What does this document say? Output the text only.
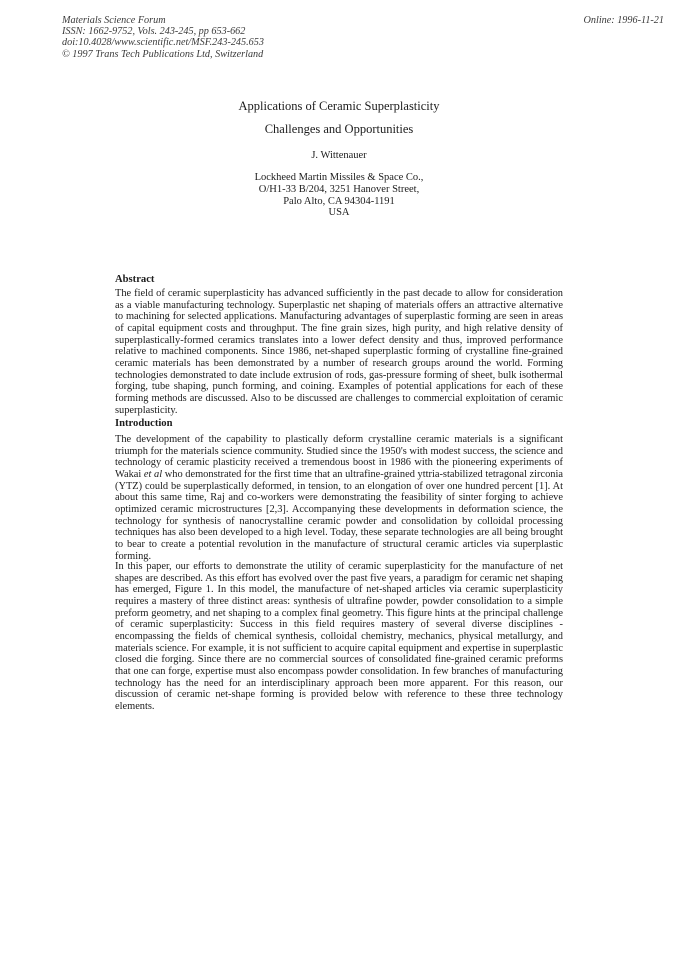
Materials Science Forum
ISSN: 1662-9752, Vols. 243-245, pp 653-662
doi:10.4028/www.scientific.net/MSF.243-245.653
© 1997 Trans Tech Publications Ltd, Switzerland
Online: 1996-11-21
Applications of Ceramic Superplasticity
Challenges and Opportunities
J. Wittenauer
Lockheed Martin Missiles & Space Co.,
O/H1-33 B/204, 3251 Hanover Street,
Palo Alto, CA 94304-1191
USA
Abstract

The field of ceramic superplasticity has advanced sufficiently in the past decade to allow for consideration as a viable manufacturing technology. Superplastic net shaping of materials offers an attractive alternative to machining for selected applications. Manufacturing advantages of superplastic forming are seen in areas of capital equipment costs and throughput. The fine grain sizes, high purity, and high relative density of superplastically-formed ceramics translates into a lower defect density and thus, improved performance relative to machined components. Since 1986, net-shaped superplastic forming of crystalline fine-grained ceramic materials has been demonstrated by a number of research groups around the world. Forming technologies demonstrated to date include extrusion of rods, gas-pressure forming of sheet, bulk isothermal forging, tube shaping, punch forming, and coining. Examples of potential applications for each of these forming methods are discussed. Also to be discussed are challenges to commercial exploitation of ceramic superplasticity.

Introduction

The development of the capability to plastically deform crystalline ceramic materials is a significant triumph for the materials science community. Studied since the 1950's with modest success, the science and technology of ceramic plasticity received a tremendous boost in 1986 with the pioneering experiments of Wakai et al who demonstrated for the first time that an ultrafine-grained yttria-stabilized tetragonal zirconia (YTZ) could be superplastically deformed, in tension, to an elongation of over one hundred percent [1]. At about this same time, Raj and co-workers were demonstrating the feasibility of sinter forging to achieve optimized ceramic microstructures [2,3]. Accompanying these developments in deformation science, the technology for synthesis of nanocrystalline ceramic powder and consolidation by colloidal processing techniques has also been developed to a high level. Today, these separate technologies are all being brought to bear to create a potential revolution in the manufacture of structural ceramic articles via superplastic forming.

In this paper, our efforts to demonstrate the utility of ceramic superplasticity for the manufacture of net shapes are described. As this effort has evolved over the past five years, a paradigm for ceramic net shaping has emerged, Figure 1. In this model, the manufacture of net-shaped articles via ceramic superplasticity requires a mastery of three distinct areas: synthesis of ultrafine powder, powder consolidation to a simple preform geometry, and net shaping to a complex final geometry. This figure hints at the principal challenge of ceramic superplasticity: Success in this field requires mastery of several diverse disciplines - encompassing the fields of chemical synthesis, colloidal chemistry, mechanics, physical metallurgy, and materials science. For example, it is not sufficient to acquire capital equipment and expertise in superplastic closed die forging. Since there are no commercial sources of consolidated fine-grained ceramic preforms that one can forge, expertise must also encompass powder consolidation. In few branches of manufacturing technology has the need for an interdisciplinary approach been more apparent. For this reason, our discussion of ceramic net-shape forming is provided below with reference to these three technology elements.
